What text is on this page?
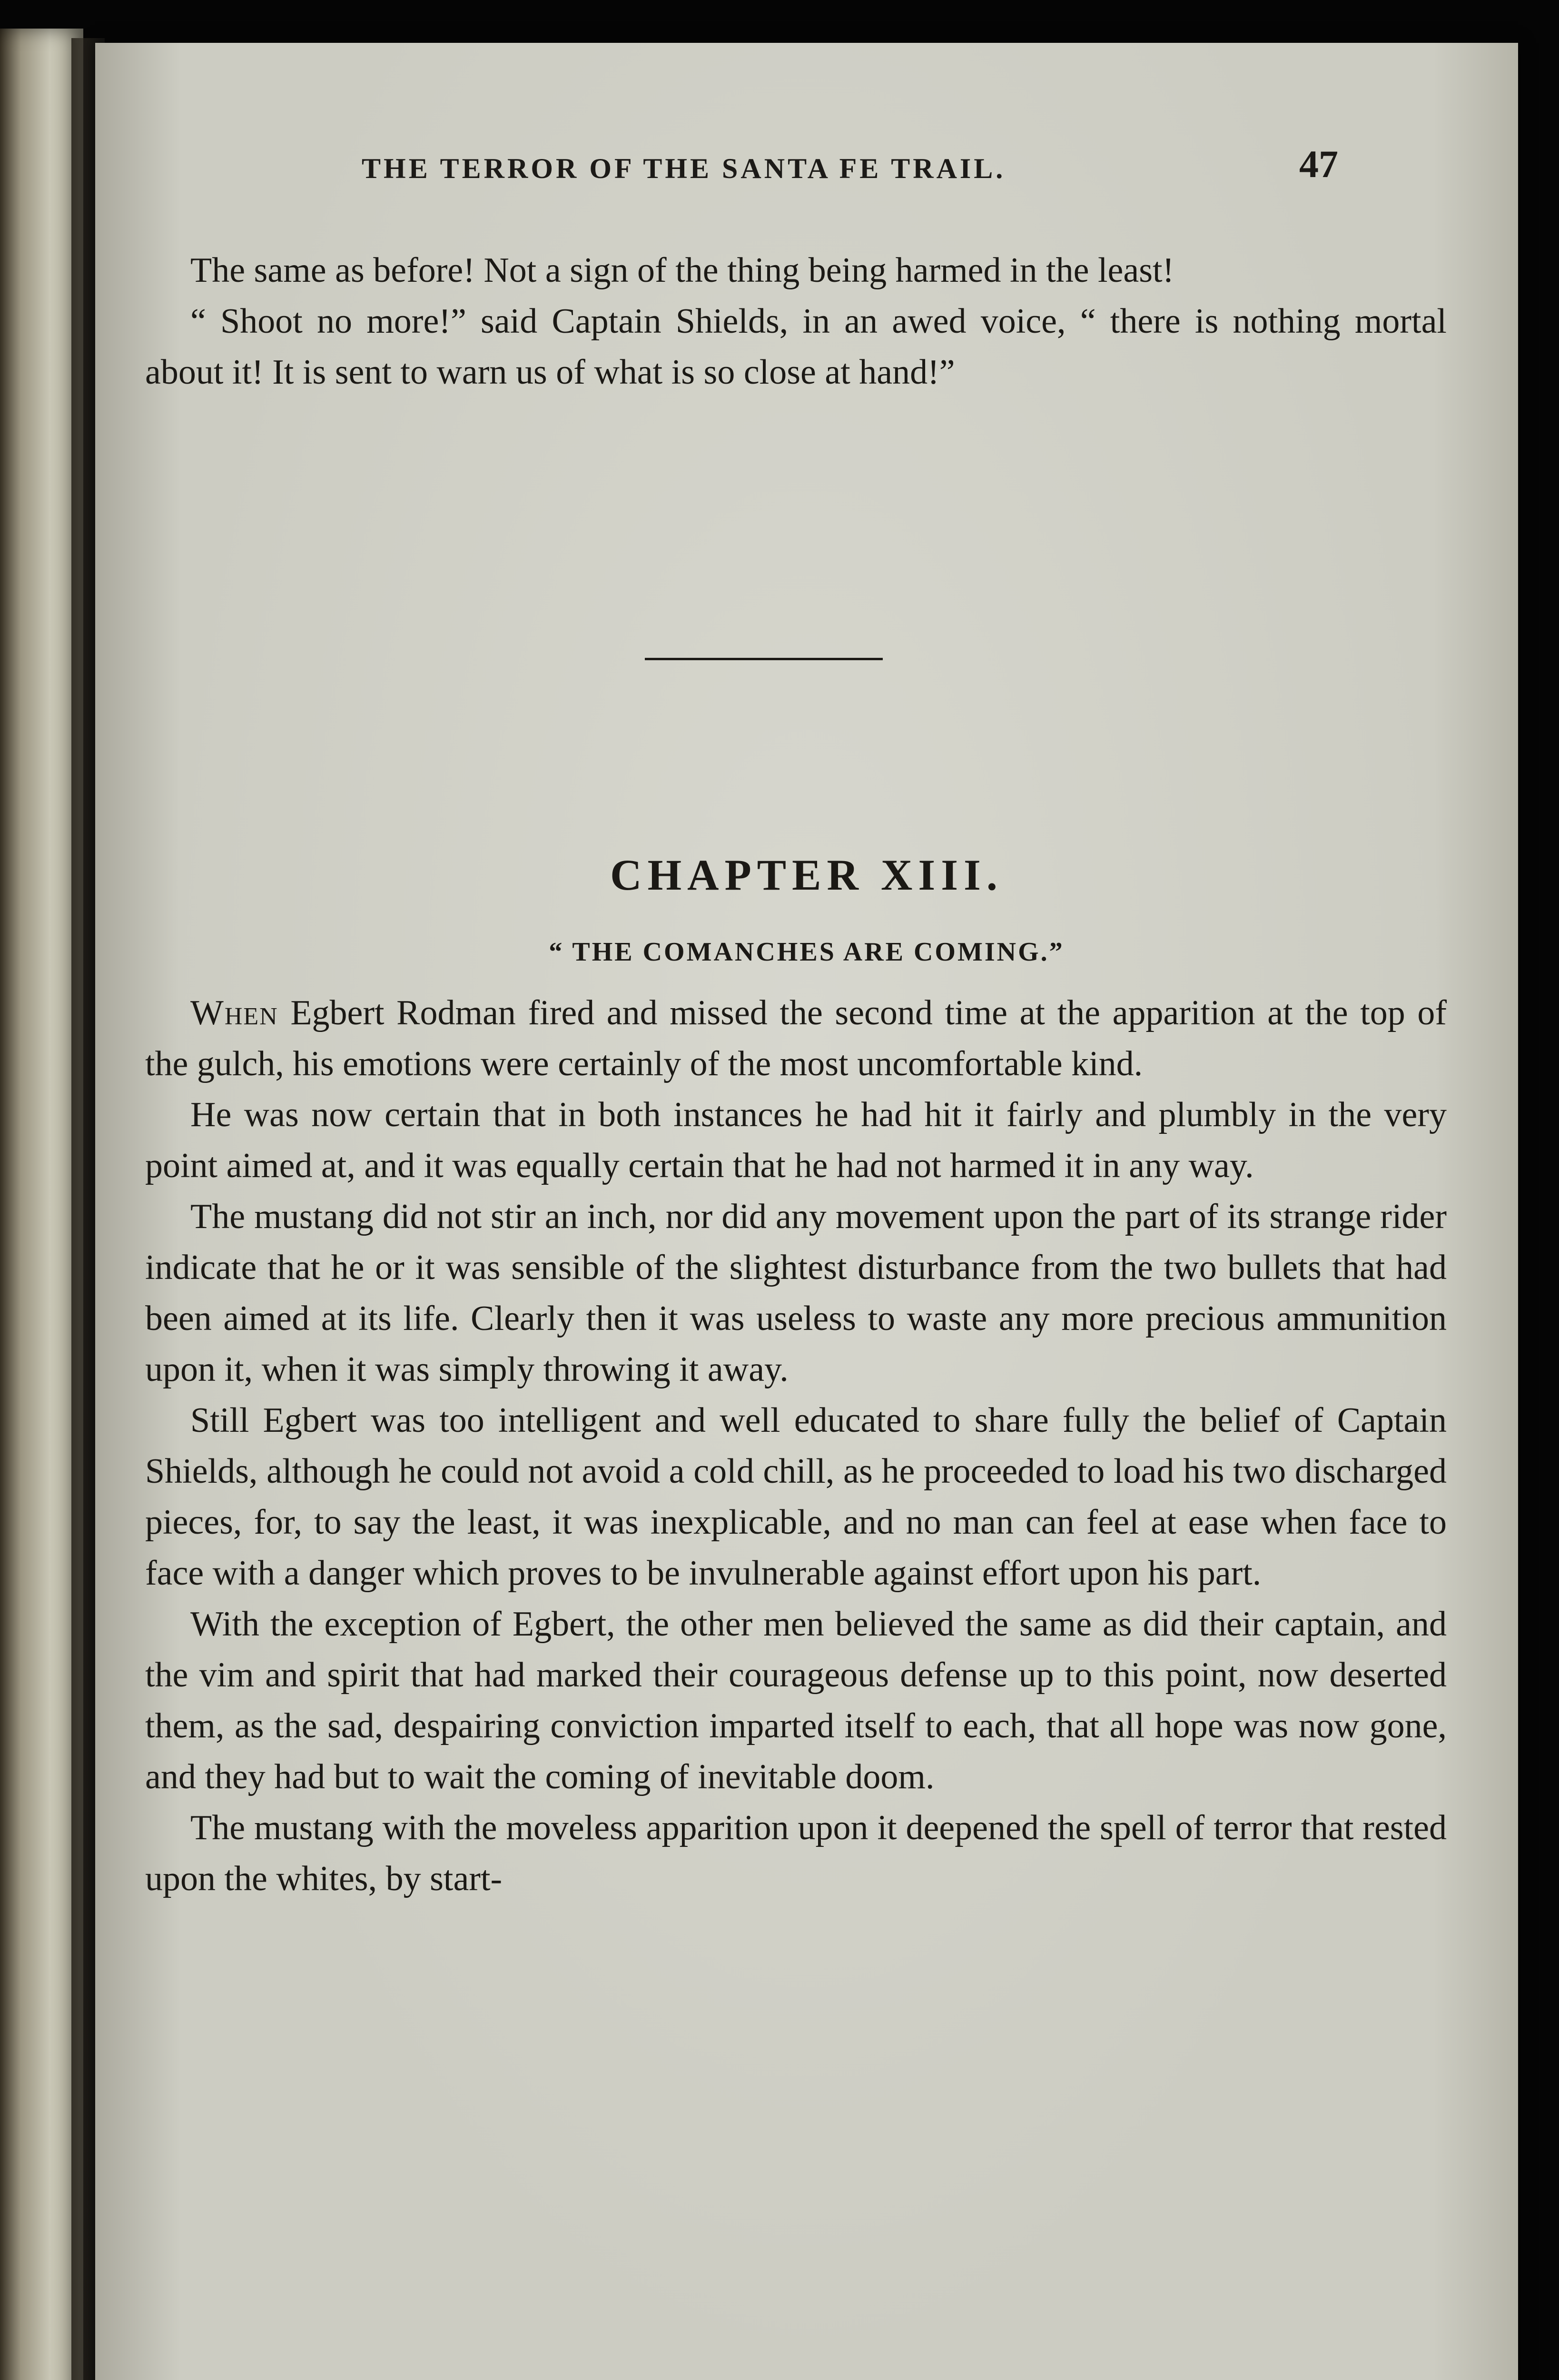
THE TERROR OF THE SANTA FE TRAIL.	47

The same as before! Not a sign of the thing being harmed in the least!

“ Shoot no more!” said Captain Shields, in an awed voice, “ there is nothing mortal about it! It is sent to warn us of what is so close at hand!”

CHAPTER XIII.
“ THE COMANCHES ARE COMING.”

When Egbert Rodman fired and missed the second time at the apparition at the top of the gulch, his emotions were certainly of the most uncomfortable kind.

He was now certain that in both instances he had hit it fairly and plumbly in the very point aimed at, and it was equally certain that he had not harmed it in any way.

The mustang did not stir an inch, nor did any movement upon the part of its strange rider indicate that he or it was sensible of the slightest disturbance from the two bullets that had been aimed at its life. Clearly then it was useless to waste any more precious ammunition upon it, when it was simply throwing it away.

Still Egbert was too intelligent and well educated to share fully the belief of Captain Shields, although he could not avoid a cold chill, as he proceeded to load his two discharged pieces, for, to say the least, it was inexplicable, and no man can feel at ease when face to face with a danger which proves to be invulnerable against effort upon his part.

With the exception of Egbert, the other men believed the same as did their captain, and the vim and spirit that had marked their courageous defense up to this point, now deserted them, as the sad, despairing conviction imparted itself to each, that all hope was now gone, and they had but to wait the coming of inevitable doom.

The mustang with the moveless apparition upon it deepened the spell of terror that rested upon the whites, by start-
